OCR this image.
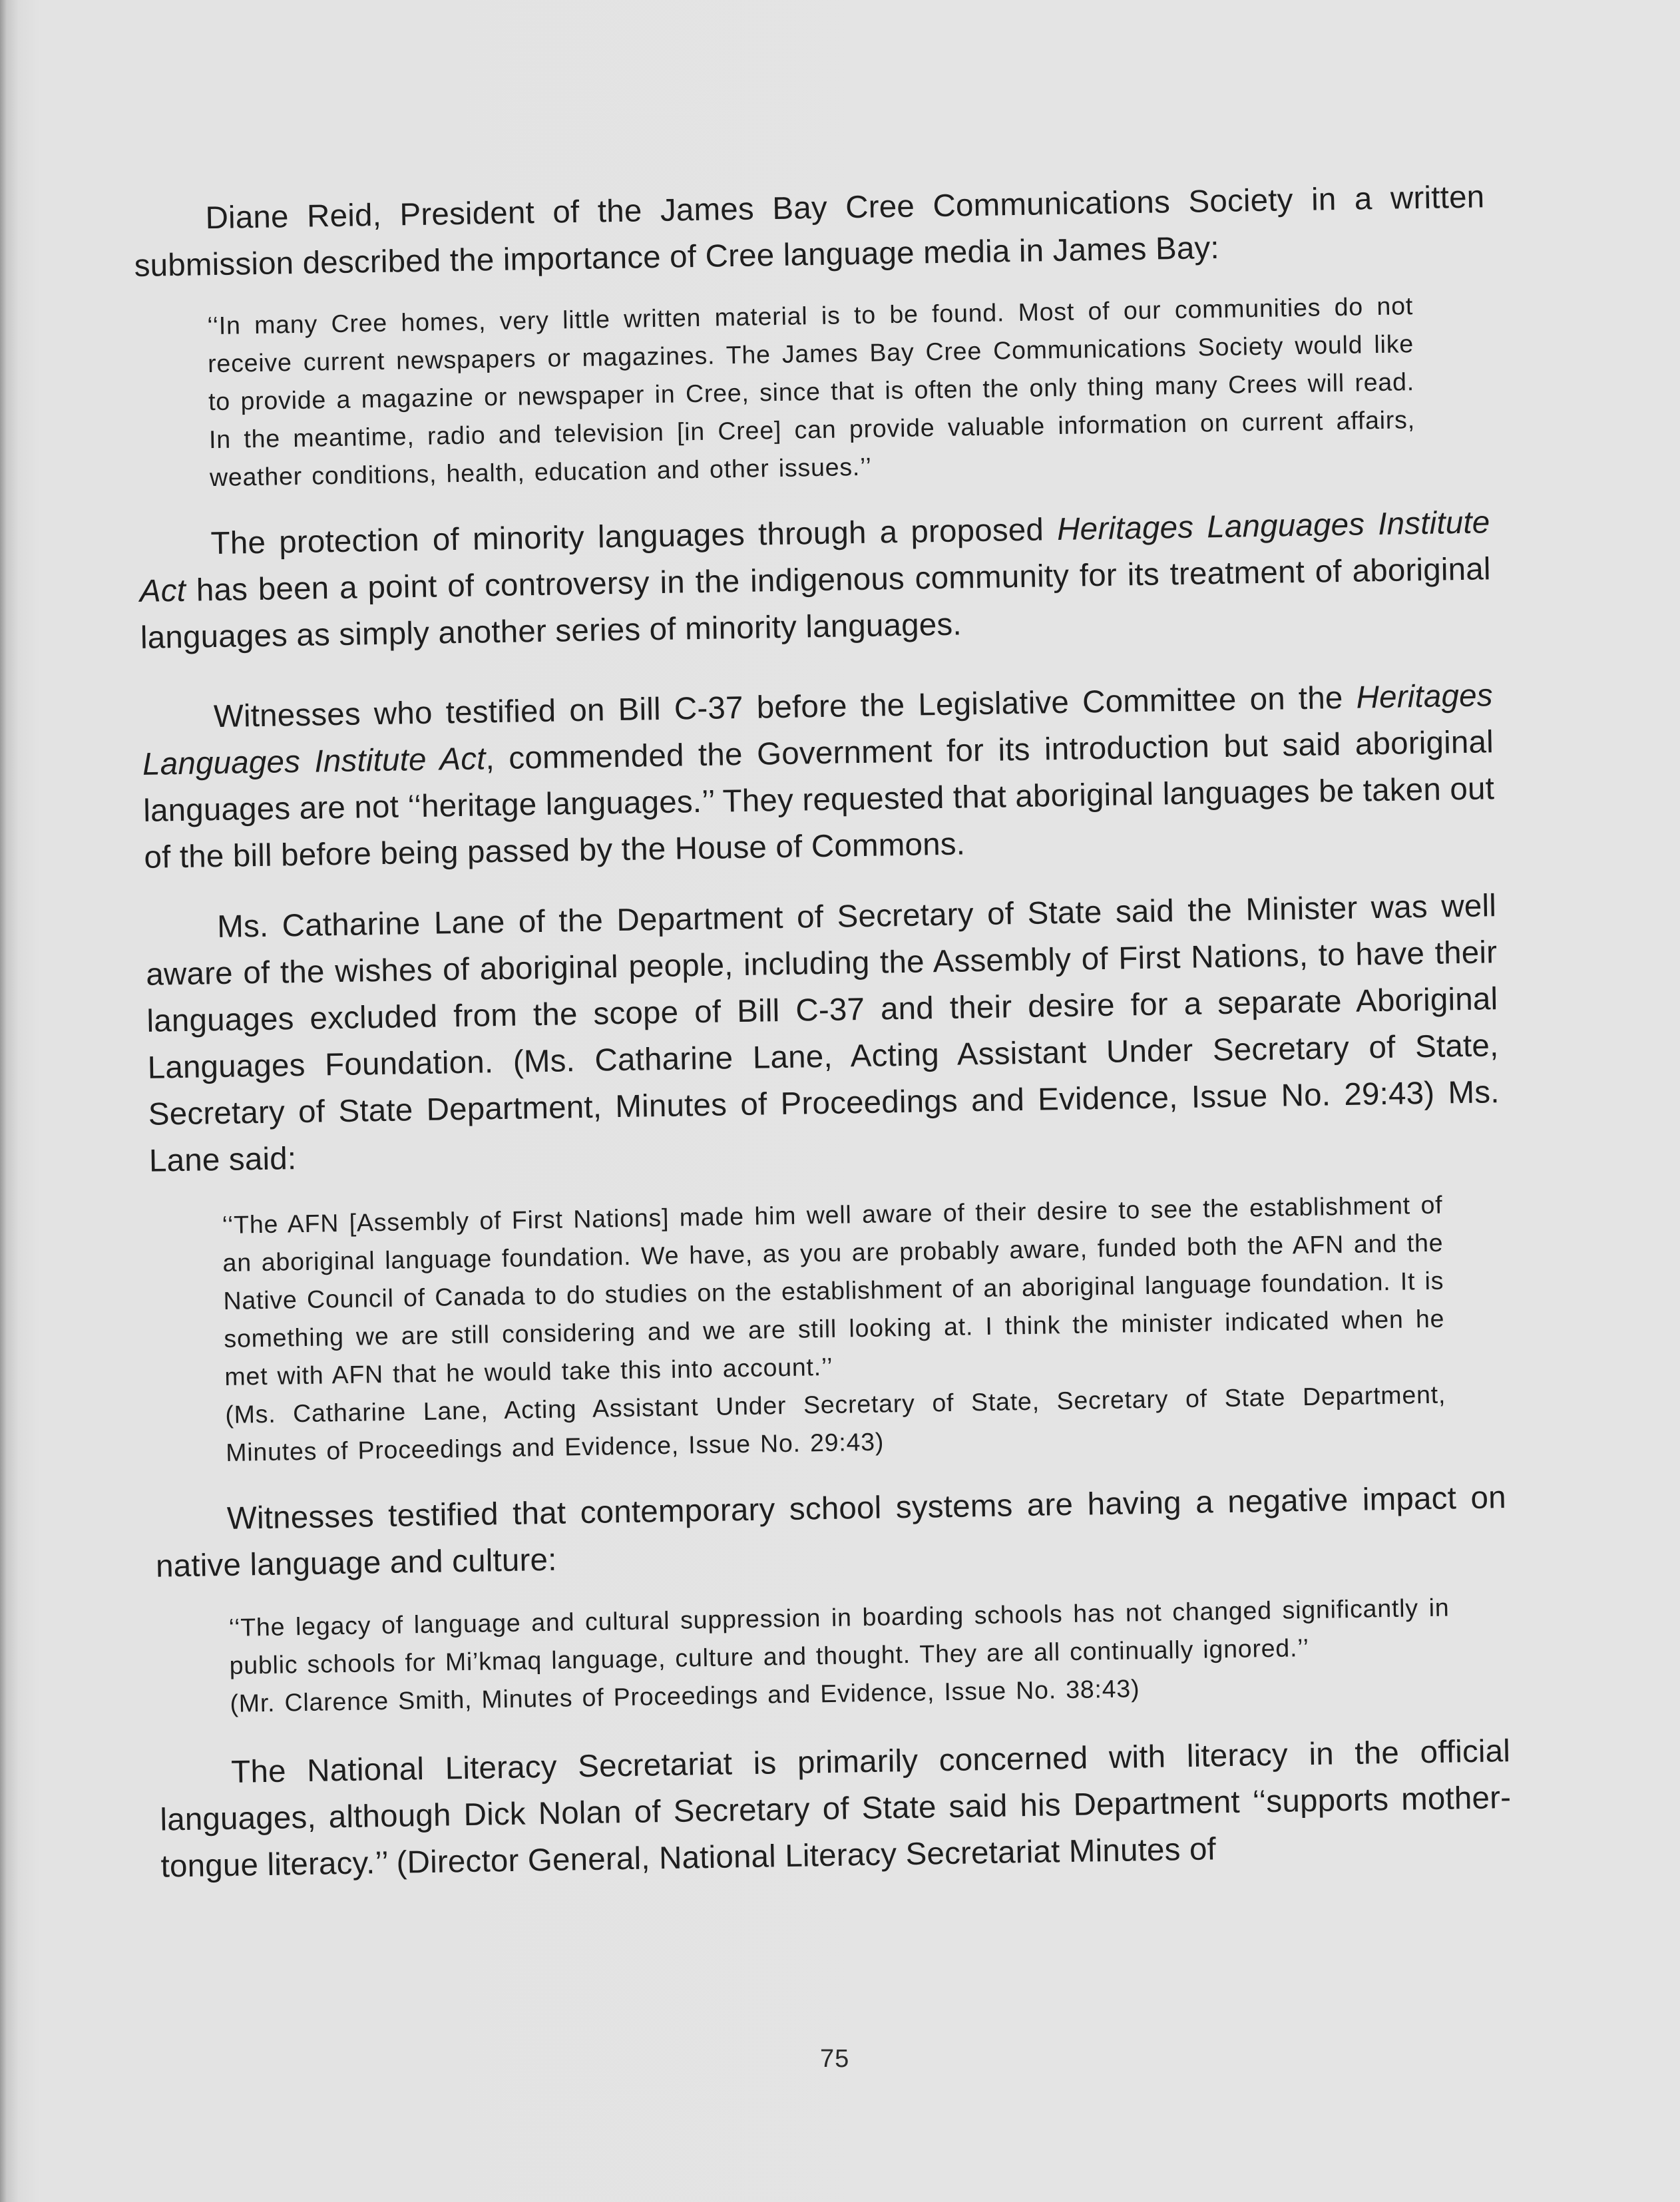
Diane Reid, President of the James Bay Cree Communications Society in a written submission described the importance of Cree language media in James Bay:

‘‘In many Cree homes, very little written material is to be found. Most of our communities do not receive current newspapers or magazines. The James Bay Cree Communications Society would like to provide a magazine or newspaper in Cree, since that is often the only thing many Crees will read. In the meantime, radio and television [in Cree] can provide valuable information on current affairs, weather conditions, health, education and other issues.’’

The protection of minority languages through a proposed Heritages Languages Institute Act has been a point of controversy in the indigenous community for its treatment of aboriginal languages as simply another series of minority languages.

Witnesses who testified on Bill C-37 before the Legislative Committee on the Heritages Languages Institute Act, commended the Government for its introduction but said aboriginal languages are not ‘‘heritage languages.’’ They requested that aboriginal languages be taken out of the bill before being passed by the House of Commons.

Ms. Catharine Lane of the Department of Secretary of State said the Minister was well aware of the wishes of aboriginal people, including the Assembly of First Nations, to have their languages excluded from the scope of Bill C-37 and their desire for a separate Aboriginal Languages Foundation. (Ms. Catharine Lane, Acting Assistant Under Secretary of State, Secretary of State Department, Minutes of Proceedings and Evidence, Issue No. 29:43) Ms. Lane said:

‘‘The AFN [Assembly of First Nations] made him well aware of their desire to see the establishment of an aboriginal language foundation. We have, as you are probably aware, funded both the AFN and the Native Council of Canada to do studies on the establishment of an aboriginal language foundation. It is something we are still considering and we are still looking at. I think the minister indicated when he met with AFN that he would take this into account.’’

(Ms. Catharine Lane, Acting Assistant Under Secretary of State, Secretary of State Department, Minutes of Proceedings and Evidence, Issue No. 29:43)

Witnesses testified that contemporary school systems are having a negative impact on native language and culture:

‘‘The legacy of language and cultural suppression in boarding schools has not changed significantly in public schools for Mi’kmaq language, culture and thought. They are all continually ignored.’’

(Mr. Clarence Smith, Minutes of Proceedings and Evidence, Issue No. 38:43)

The National Literacy Secretariat is primarily concerned with literacy in the official languages, although Dick Nolan of Secretary of State said his Department ‘‘supports mother-tongue literacy.’’ (Director General, National Literacy Secretariat Minutes of

75
